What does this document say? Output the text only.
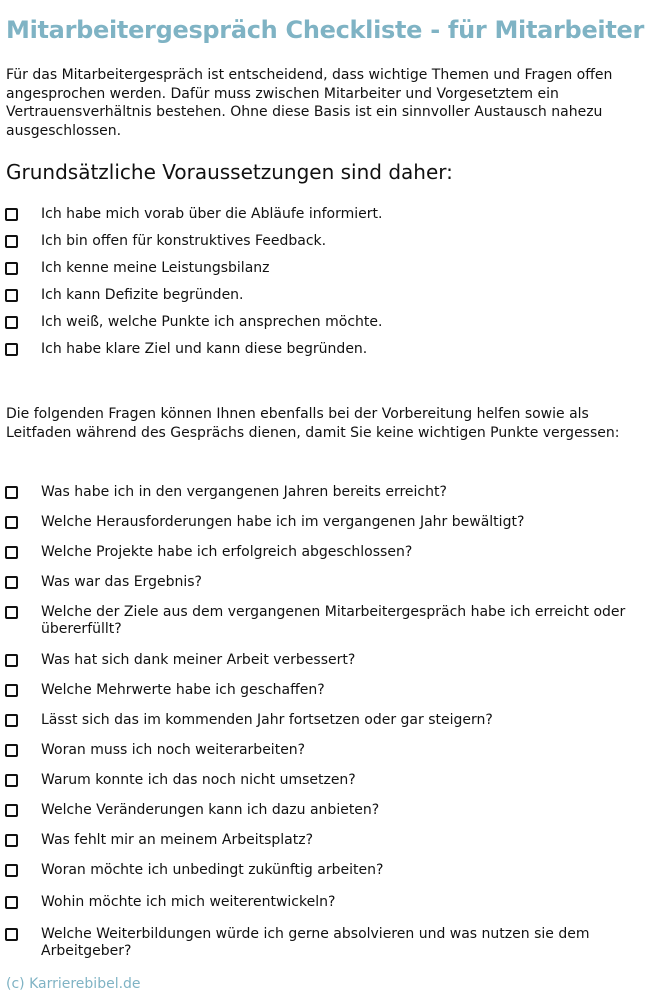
Mitarbeitergespräch Checkliste - für Mitarbeiter

Für das Mitarbeitergespräch ist entscheidend, dass wichtige Themen und Fragen offen angesprochen werden. Dafür muss zwischen Mitarbeiter und Vorgesetztem ein Vertrauensverhältnis bestehen. Ohne diese Basis ist ein sinnvoller Austausch nahezu ausgeschlossen.

Grundsätzliche Voraussetzungen sind daher:
Ich habe mich vorab über die Abläufe informiert.
Ich bin offen für konstruktives Feedback.
Ich kenne meine Leistungsbilanz
Ich kann Defizite begründen.
Ich weiß, welche Punkte ich ansprechen möchte.
Ich habe klare Ziel und kann diese begründen.

Die folgenden Fragen können Ihnen ebenfalls bei der Vorbereitung helfen sowie als Leitfaden während des Gesprächs dienen, damit Sie keine wichtigen Punkte vergessen:

Was habe ich in den vergangenen Jahren bereits erreicht?
Welche Herausforderungen habe ich im vergangenen Jahr bewältigt?
Welche Projekte habe ich erfolgreich abgeschlossen?
Was war das Ergebnis?
Welche der Ziele aus dem vergangenen Mitarbeitergespräch habe ich erreicht oder übererfüllt?
Was hat sich dank meiner Arbeit verbessert?
Welche Mehrwerte habe ich geschaffen?
Lässt sich das im kommenden Jahr fortsetzen oder gar steigern?
Woran muss ich noch weiterarbeiten?
Warum konnte ich das noch nicht umsetzen?
Welche Veränderungen kann ich dazu anbieten?
Was fehlt mir an meinem Arbeitsplatz?
Woran möchte ich unbedingt zukünftig arbeiten?
Wohin möchte ich mich weiterentwickeln?
Welche Weiterbildungen würde ich gerne absolvieren und was nutzen sie dem Arbeitgeber?
(c) Karrierebibel.de
